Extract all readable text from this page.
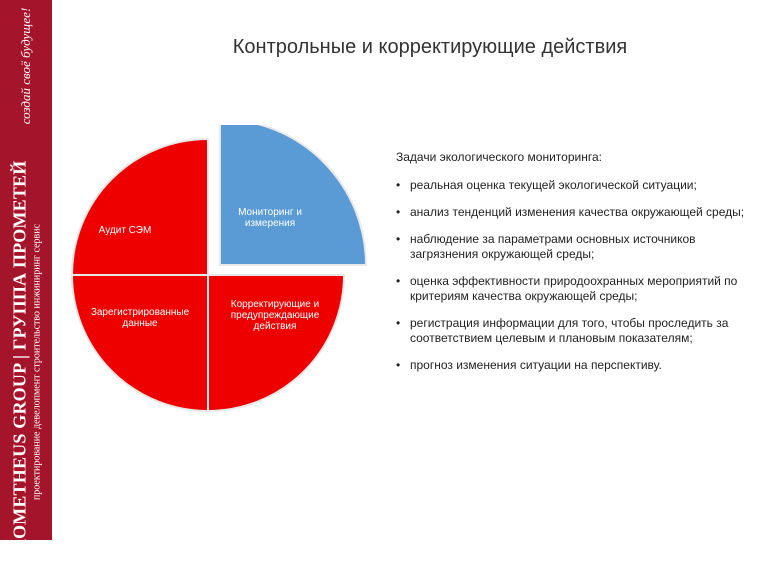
создай своё будущее!
PROMETHEUS GROUP | ГРУППА ПРОМЕТЕЙ проектирование девелопмент строительство инжиниринг сервис
Контрольные и корректирующие действия
Аудит СЭМ
Мониторинг и измерения
Корректирующие и предупреждающие действия
Зарегистрированные данные

Задачи экологического мониторинга:

• реальная оценка текущей экологической ситуации;
• анализ тенденций изменения качества окружающей среды;
• наблюдение за параметрами основных источников загрязнения окружающей среды;
• оценка эффективности природоохранных мероприятий по критериям качества окружающей среды;
• регистрация информации для того, чтобы проследить за соответствием целевым и плановым показателям;
• прогноз изменения ситуации на перспективу.
